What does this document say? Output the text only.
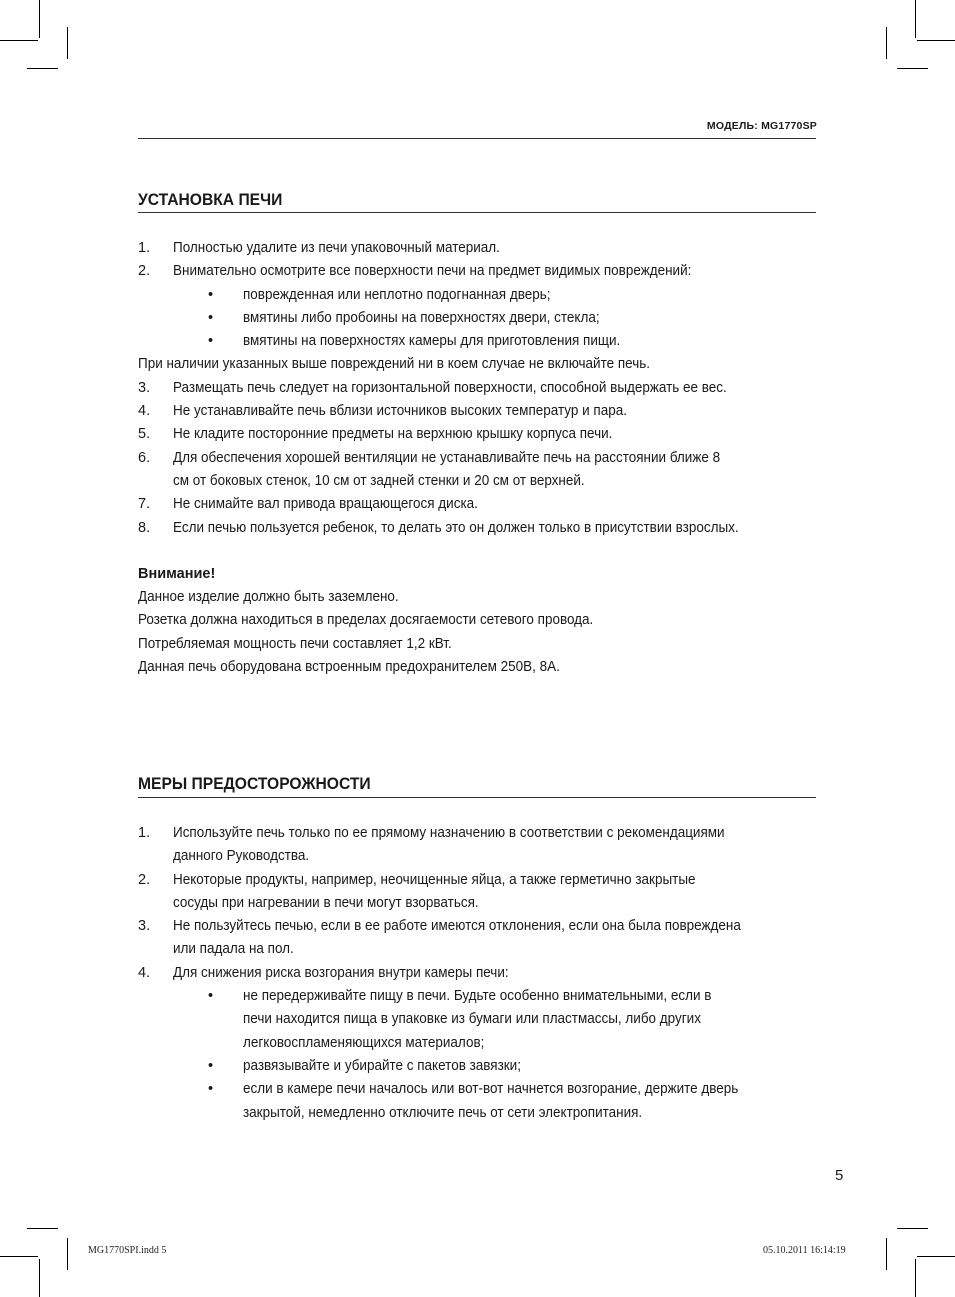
МОДЕЛЬ: MG1770SP
УСТАНОВКА ПЕЧИ
1. Полностью удалите из печи упаковочный материал.
2. Внимательно осмотрите все поверхности печи на предмет видимых повреждений:
• поврежденная или неплотно подогнанная дверь;
• вмятины либо пробоины на поверхностях двери, стекла;
• вмятины на поверхностях камеры для приготовления пищи.
При наличии указанных выше повреждений ни в коем случае не включайте печь.
3. Размещать печь следует на горизонтальной поверхности, способной выдержать ее вес.
4. Не устанавливайте печь вблизи источников высоких температур и пара.
5. Не кладите посторонние предметы на верхнюю крышку корпуса печи.
6. Для обеспечения хорошей вентиляции не устанавливайте печь на расстоянии ближе 8
см от боковых стенок, 10 см от задней стенки и 20 см от верхней.
7. Не снимайте вал привода вращающегося диска.
8. Если печью пользуется ребенок, то делать это он должен только в присутствии взрослых.
Внимание!
Данное изделие должно быть заземлено.
Розетка должна находиться в пределах досягаемости сетевого провода.
Потребляемая мощность печи составляет 1,2 кВт.
Данная печь оборудована встроенным предохранителем 250В, 8А.
МЕРЫ ПРЕДОСТОРОЖНОСТИ
1. Используйте печь только по ее прямому назначению в соответствии с рекомендациями
данного Руководства.
2. Некоторые продукты, например, неочищенные яйца, а также герметично закрытые
сосуды при нагревании в печи могут взорваться.
3. Не пользуйтесь печью, если в ее работе имеются отклонения, если она была повреждена
или падала на пол.
4. Для снижения риска возгорания внутри камеры печи:
• не передерживайте пищу в печи. Будьте особенно внимательными, если в
печи находится пища в упаковке из бумаги или пластмассы, либо других
легковоспламеняющихся материалов;
• развязывайте и убирайте с пакетов завязки;
• если в камере печи началось или вот-вот начнется возгорание, держите дверь
закрытой, немедленно отключите печь от сети электропитания.
5
MG1770SPI.indd 5	05.10.2011 16:14:19
